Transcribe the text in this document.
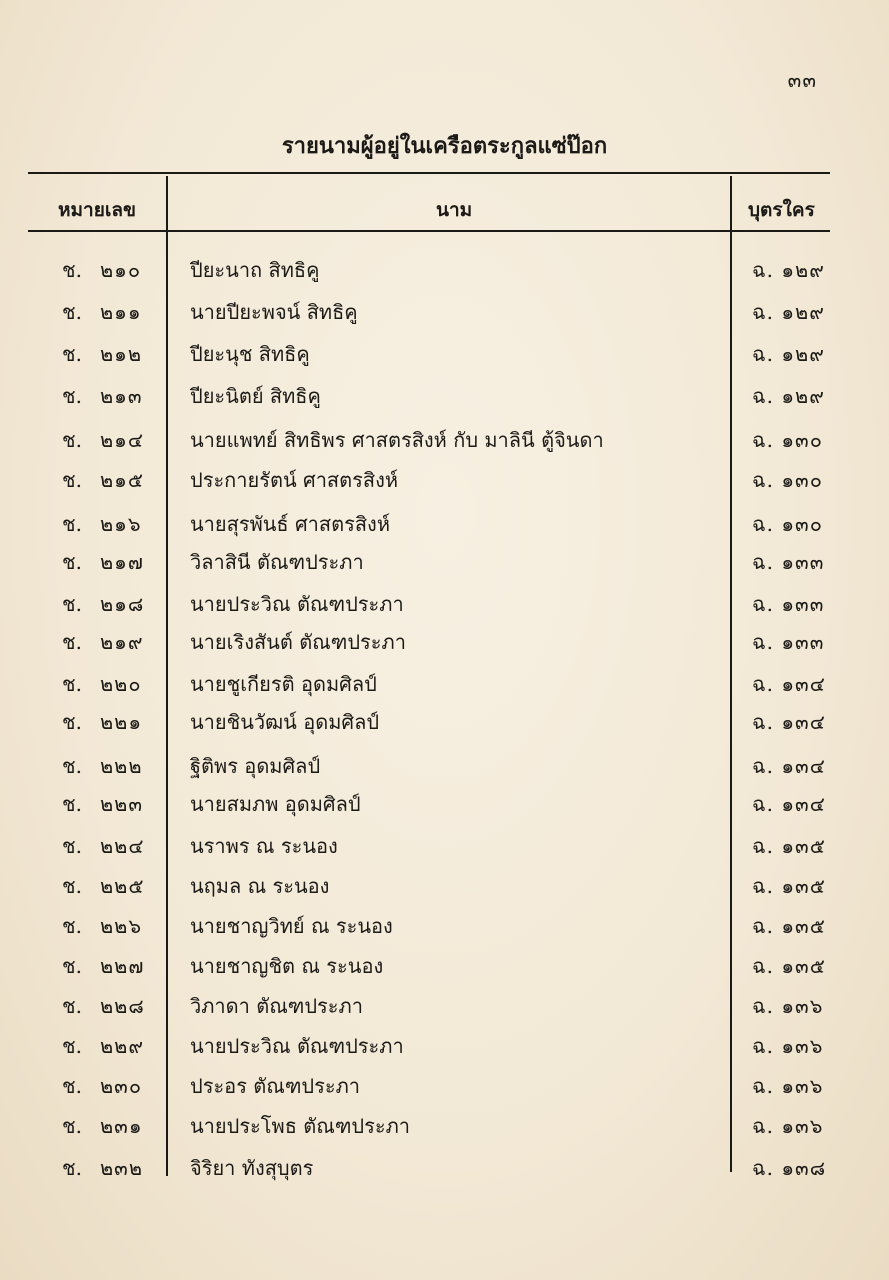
๓๓
รายนามผู้อยู่ในเครือตระกูลแซ่ป๊อก
หมายเลข	นาม	บุตรใคร
ช. ๒๑๐ ปียะนาถ สิทธิคู	ฉ. ๑๒๙
ช. ๒๑๑ นายปียะพจน์ สิทธิคู	ฉ. ๑๒๙
ช. ๒๑๒ ปียะนุช สิทธิคู	ฉ. ๑๒๙
ช. ๒๑๓ ปียะนิตย์ สิทธิคู	ฉ. ๑๒๙
ช. ๒๑๔ นายแพทย์ สิทธิพร ศาสตรสิงห์ กับ มาลินี ตู้จินดา	ฉ. ๑๓๐
ช. ๒๑๕ ประกายรัตน์ ศาสตรสิงห์	ฉ. ๑๓๐
ช. ๒๑๖ นายสุรพันธ์ ศาสตรสิงห์	ฉ. ๑๓๐
ช. ๒๑๗ วิลาสินี ตัณฑประภา	ฉ. ๑๓๓
ช. ๒๑๘ นายประวิณ ตัณฑประภา	ฉ. ๑๓๓
ช. ๒๑๙ นายเริงสันต์ ตัณฑประภา	ฉ. ๑๓๓
ช. ๒๒๐ นายชูเกียรติ อุดมศิลป์	ฉ. ๑๓๔
ช. ๒๒๑ นายชินวัฒน์ อุดมศิลป์	ฉ. ๑๓๔
ช. ๒๒๒ ฐิติพร อุดมศิลป์	ฉ. ๑๓๔
ช. ๒๒๓ นายสมภพ อุดมศิลป์	ฉ. ๑๓๔
ช. ๒๒๔ นราพร ณ ระนอง	ฉ. ๑๓๕
ช. ๒๒๕ นฤมล ณ ระนอง	ฉ. ๑๓๕
ช. ๒๒๖ นายชาญวิทย์ ณ ระนอง	ฉ. ๑๓๕
ช. ๒๒๗ นายชาญชิต ณ ระนอง	ฉ. ๑๓๕
ช. ๒๒๘ วิภาดา ตัณฑประภา	ฉ. ๑๓๖
ช. ๒๒๙ นายประวิณ ตัณฑประภา	ฉ. ๑๓๖
ช. ๒๓๐ ประอร ตัณฑประภา	ฉ. ๑๓๖
ช. ๒๓๑ นายประโพธ ตัณฑประภา	ฉ. ๑๓๖
ช. ๒๓๒ จิริยา ทังสุบุตร	ฉ. ๑๓๘
